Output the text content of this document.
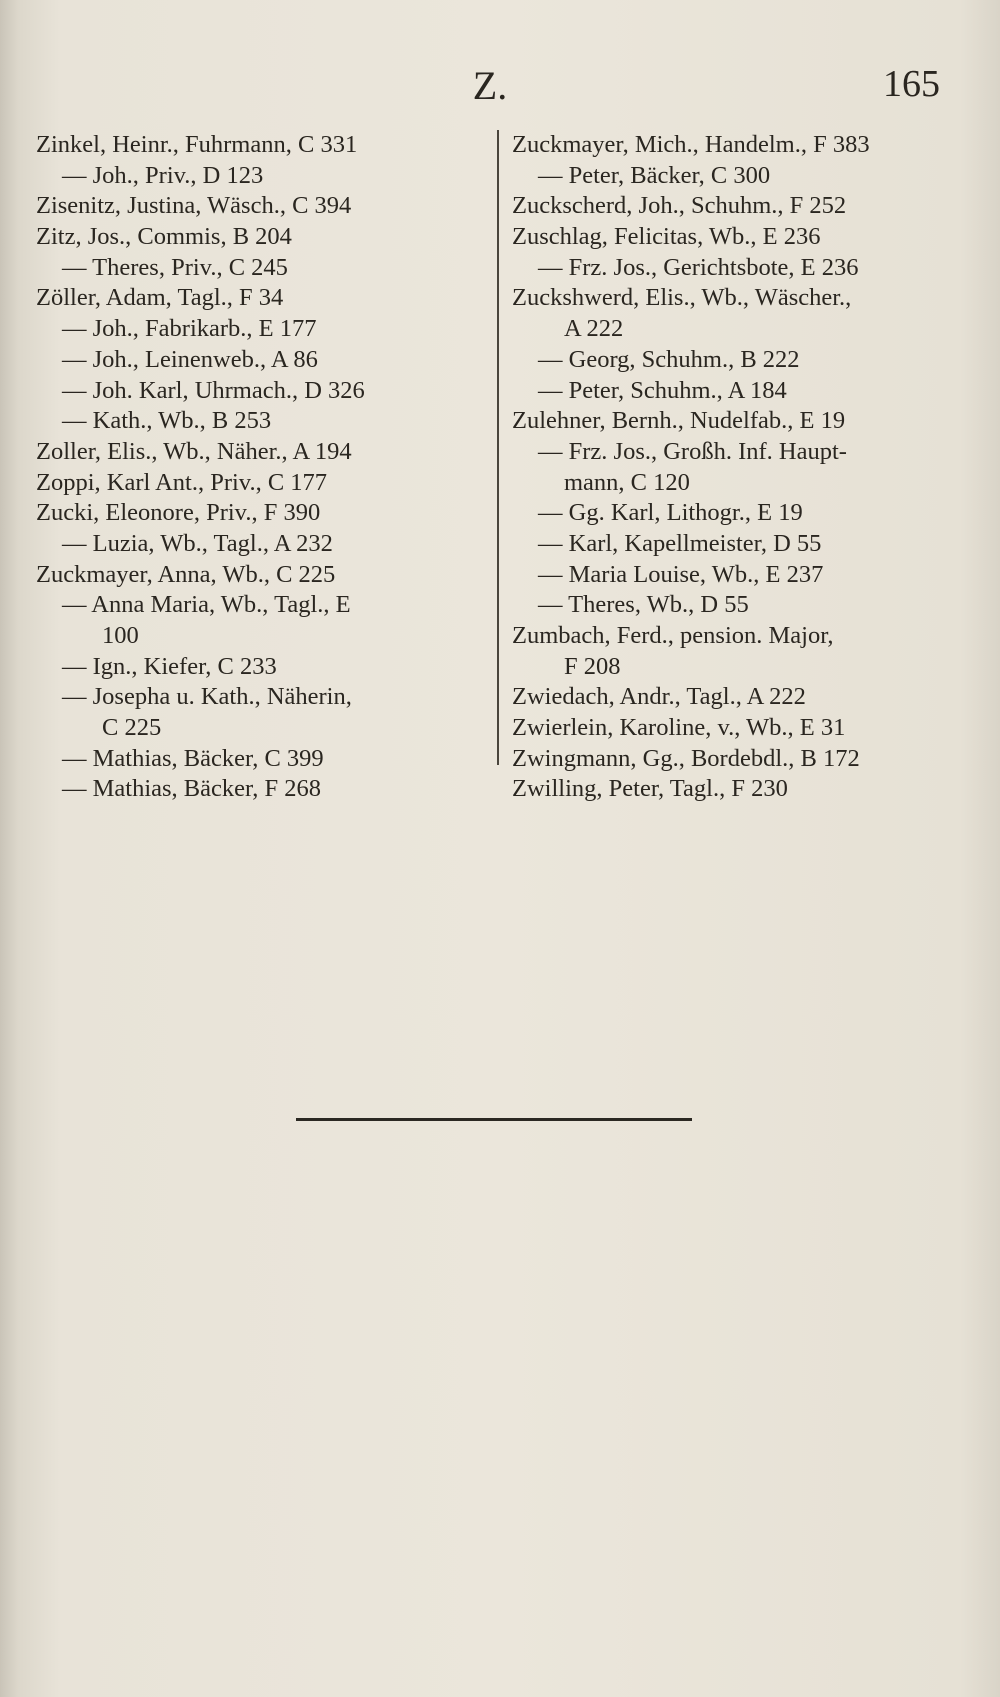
Z.	165
Zinkel, Heinr., Fuhrmann, C 331
— Joh., Priv., D 123
Zisenitz, Justina, Wäsch., C 394
Zitz, Jos., Commis, B 204
— Theres, Priv., C 245
Zöller, Adam, Tagl., F 34
— Joh., Fabrikarb., E 177
— Joh., Leinenweb., A 86
— Joh. Karl, Uhrmach., D 326
— Kath., Wb., B 253
Zoller, Elis., Wb., Näher., A 194
Zoppi, Karl Ant., Priv., C 177
Zucki, Eleonore, Priv., F 390
— Luzia, Wb., Tagl., A 232
Zuckmayer, Anna, Wb., C 225
— Anna Maria, Wb., Tagl., E
100
— Ign., Kiefer, C 233
— Josepha u. Kath., Näherin,
C 225
— Mathias, Bäcker, C 399
— Mathias, Bäcker, F 268
Zuckmayer, Mich., Handelm., F 383
— Peter, Bäcker, C 300
Zuckscherd, Joh., Schuhm., F 252
Zuschlag, Felicitas, Wb., E 236
— Frz. Jos., Gerichtsbote, E 236
Zuckshwerd, Elis., Wb., Wäscher.,
A 222
— Georg, Schuhm., B 222
— Peter, Schuhm., A 184
Zulehner, Bernh., Nudelfab., E 19
— Frz. Jos., Großh. Inf. Haupt-
mann, C 120
— Gg. Karl, Lithogr., E 19
— Karl, Kapellmeister, D 55
— Maria Louise, Wb., E 237
— Theres, Wb., D 55
Zumbach, Ferd., pension. Major,
F 208
Zwiedach, Andr., Tagl., A 222
Zwierlein, Karoline, v., Wb., E 31
Zwingmann, Gg., Bordebdl., B 172
Zwilling, Peter, Tagl., F 230
